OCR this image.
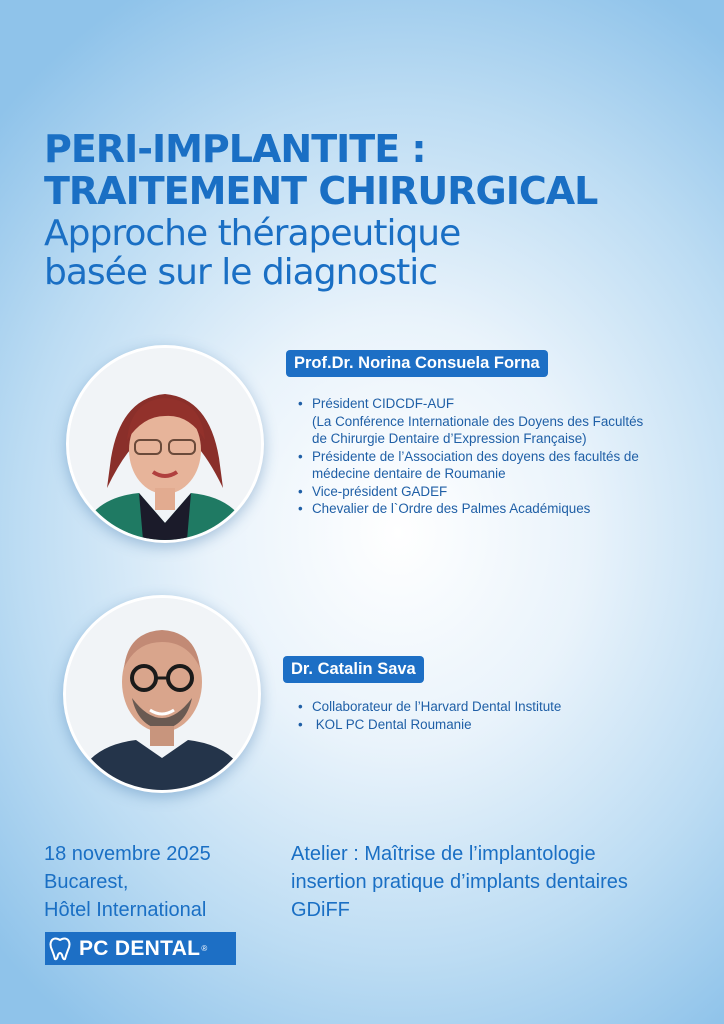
PERI-IMPLANTITE :

TRAITEMENT CHIRURGICAL

Approche thérapeutique

basée sur le diagnostic

Prof.Dr. Norina Consuela Forna
• Président CIDCDF-AUF
(La Conférence Internationale des Doyens des Facultés
de Chirurgie Dentaire d’Expression Française)
• Présidente de l’Association des doyens des facultés de
médecine dentaire de Roumanie
• Vice-président GADEF
• Chevalier de l`Ordre des Palmes Académiques
Dr. Catalin Sava
• Collaborateur de l’Harvard Dental Institute
•  KOL PC Dental Roumanie
18 novembre 2025
Bucarest,
Hôtel International
Atelier : Maîtrise de l’implantologie
insertion pratique d’implants dentaires
GDiFF
PC DENTAL ®
